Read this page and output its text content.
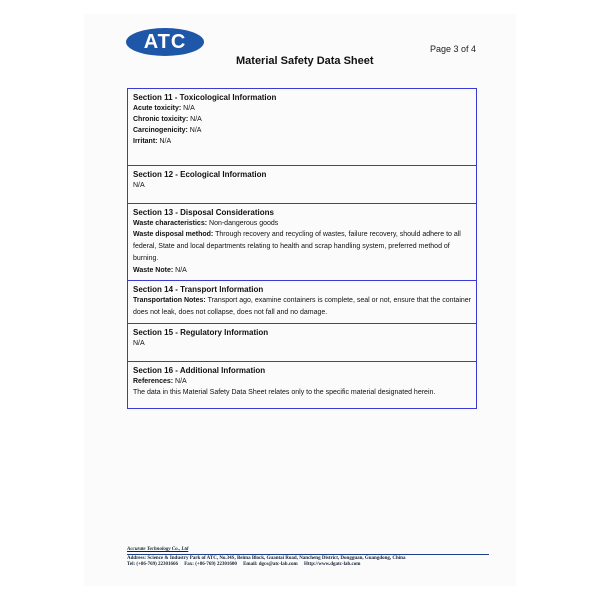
ATC	Page 3 of 4
Material Safety Data Sheet
Section 11 - Toxicological Information
Acute toxicity: N/A
Chronic toxicity: N/A
Carcinogenicity: N/A
Irritant: N/A
Section 12 - Ecological Information
N/A
Section 13 - Disposal Considerations
Waste characteristics: Non-dangerous goods
Waste disposal method: Through recovery and recycling of wastes, failure recovery, should adhere to all federal, State and local departments relating to health and scrap handling system, preferred method of burning.
Waste Note: N/A
Section 14 - Transport Information
Transportation Notes: Transport ago, examine containers is complete, seal or not, ensure that the container does not leak, does not collapse, does not fall and no damage.
Section 15 - Regulatory Information
N/A
Section 16 - Additional Information
References: N/A
The data in this Material Safety Data Sheet relates only to the specific material designated herein.
Accurate Technology Co., Ltd
Address: Science & Industry Park of ATC, No.34S, Beima Block, Guantai Road, Nancheng District, Dongguan, Guangdong, China
Tel: (+86-769) 22301666 Fax: (+86-769) 22301600 Email: dgcs@atc-lab.com Http://www.dgatc-lab.com
